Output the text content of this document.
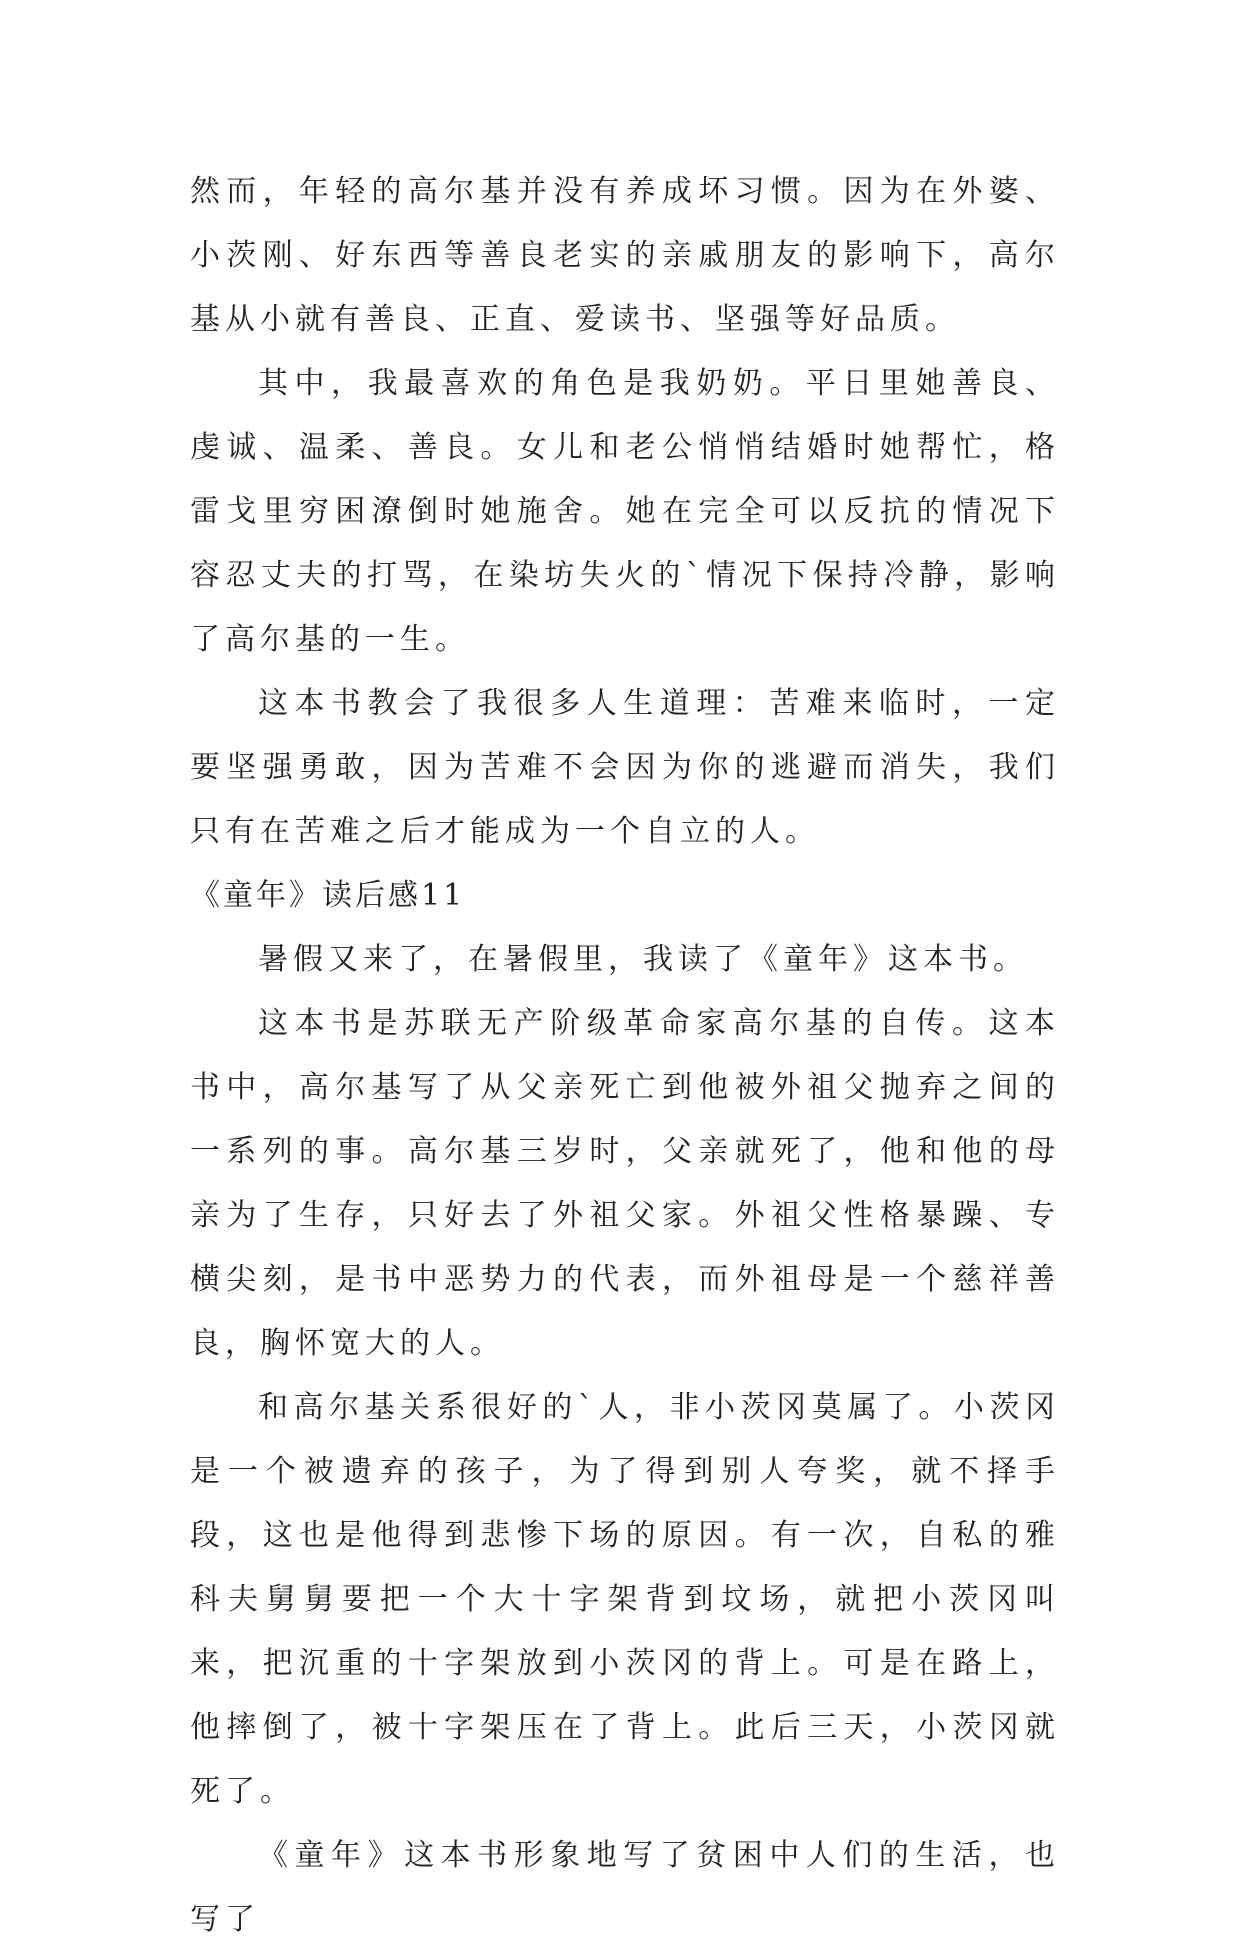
然而，年轻的高尔基并没有养成坏习惯。因为在外婆、小茨刚、好东西等善良老实的亲戚朋友的影响下，高尔基从小就有善良、正直、爱读书、坚强等好品质。

其中，我最喜欢的角色是我奶奶。平日里她善良、虔诚、温柔、善良。女儿和老公悄悄结婚时她帮忙，格雷戈里穷困潦倒时她施舍。她在完全可以反抗的情况下容忍丈夫的打骂，在染坊失火的`情况下保持冷静，影响了高尔基的一生。

这本书教会了我很多人生道理：苦难来临时，一定要坚强勇敢，因为苦难不会因为你的逃避而消失，我们只有在苦难之后才能成为一个自立的人。

《童年》读后感11

暑假又来了，在暑假里，我读了《童年》这本书。

这本书是苏联无产阶级革命家高尔基的自传。这本书中，高尔基写了从父亲死亡到他被外祖父抛弃之间的一系列的事。高尔基三岁时，父亲就死了，他和他的母亲为了生存，只好去了外祖父家。外祖父性格暴躁、专横尖刻，是书中恶势力的代表，而外祖母是一个慈祥善良，胸怀宽大的人。

和高尔基关系很好的`人，非小茨冈莫属了。小茨冈是一个被遗弃的孩子，为了得到别人夸奖，就不择手段，这也是他得到悲惨下场的原因。有一次，自私的雅科夫舅舅要把一个大十字架背到坟场，就把小茨冈叫来，把沉重的十字架放到小茨冈的背上。可是在路上，他摔倒了，被十字架压在了背上。此后三天，小茨冈就死了。

《童年》这本书形象地写了贫困中人们的生活，也写了
